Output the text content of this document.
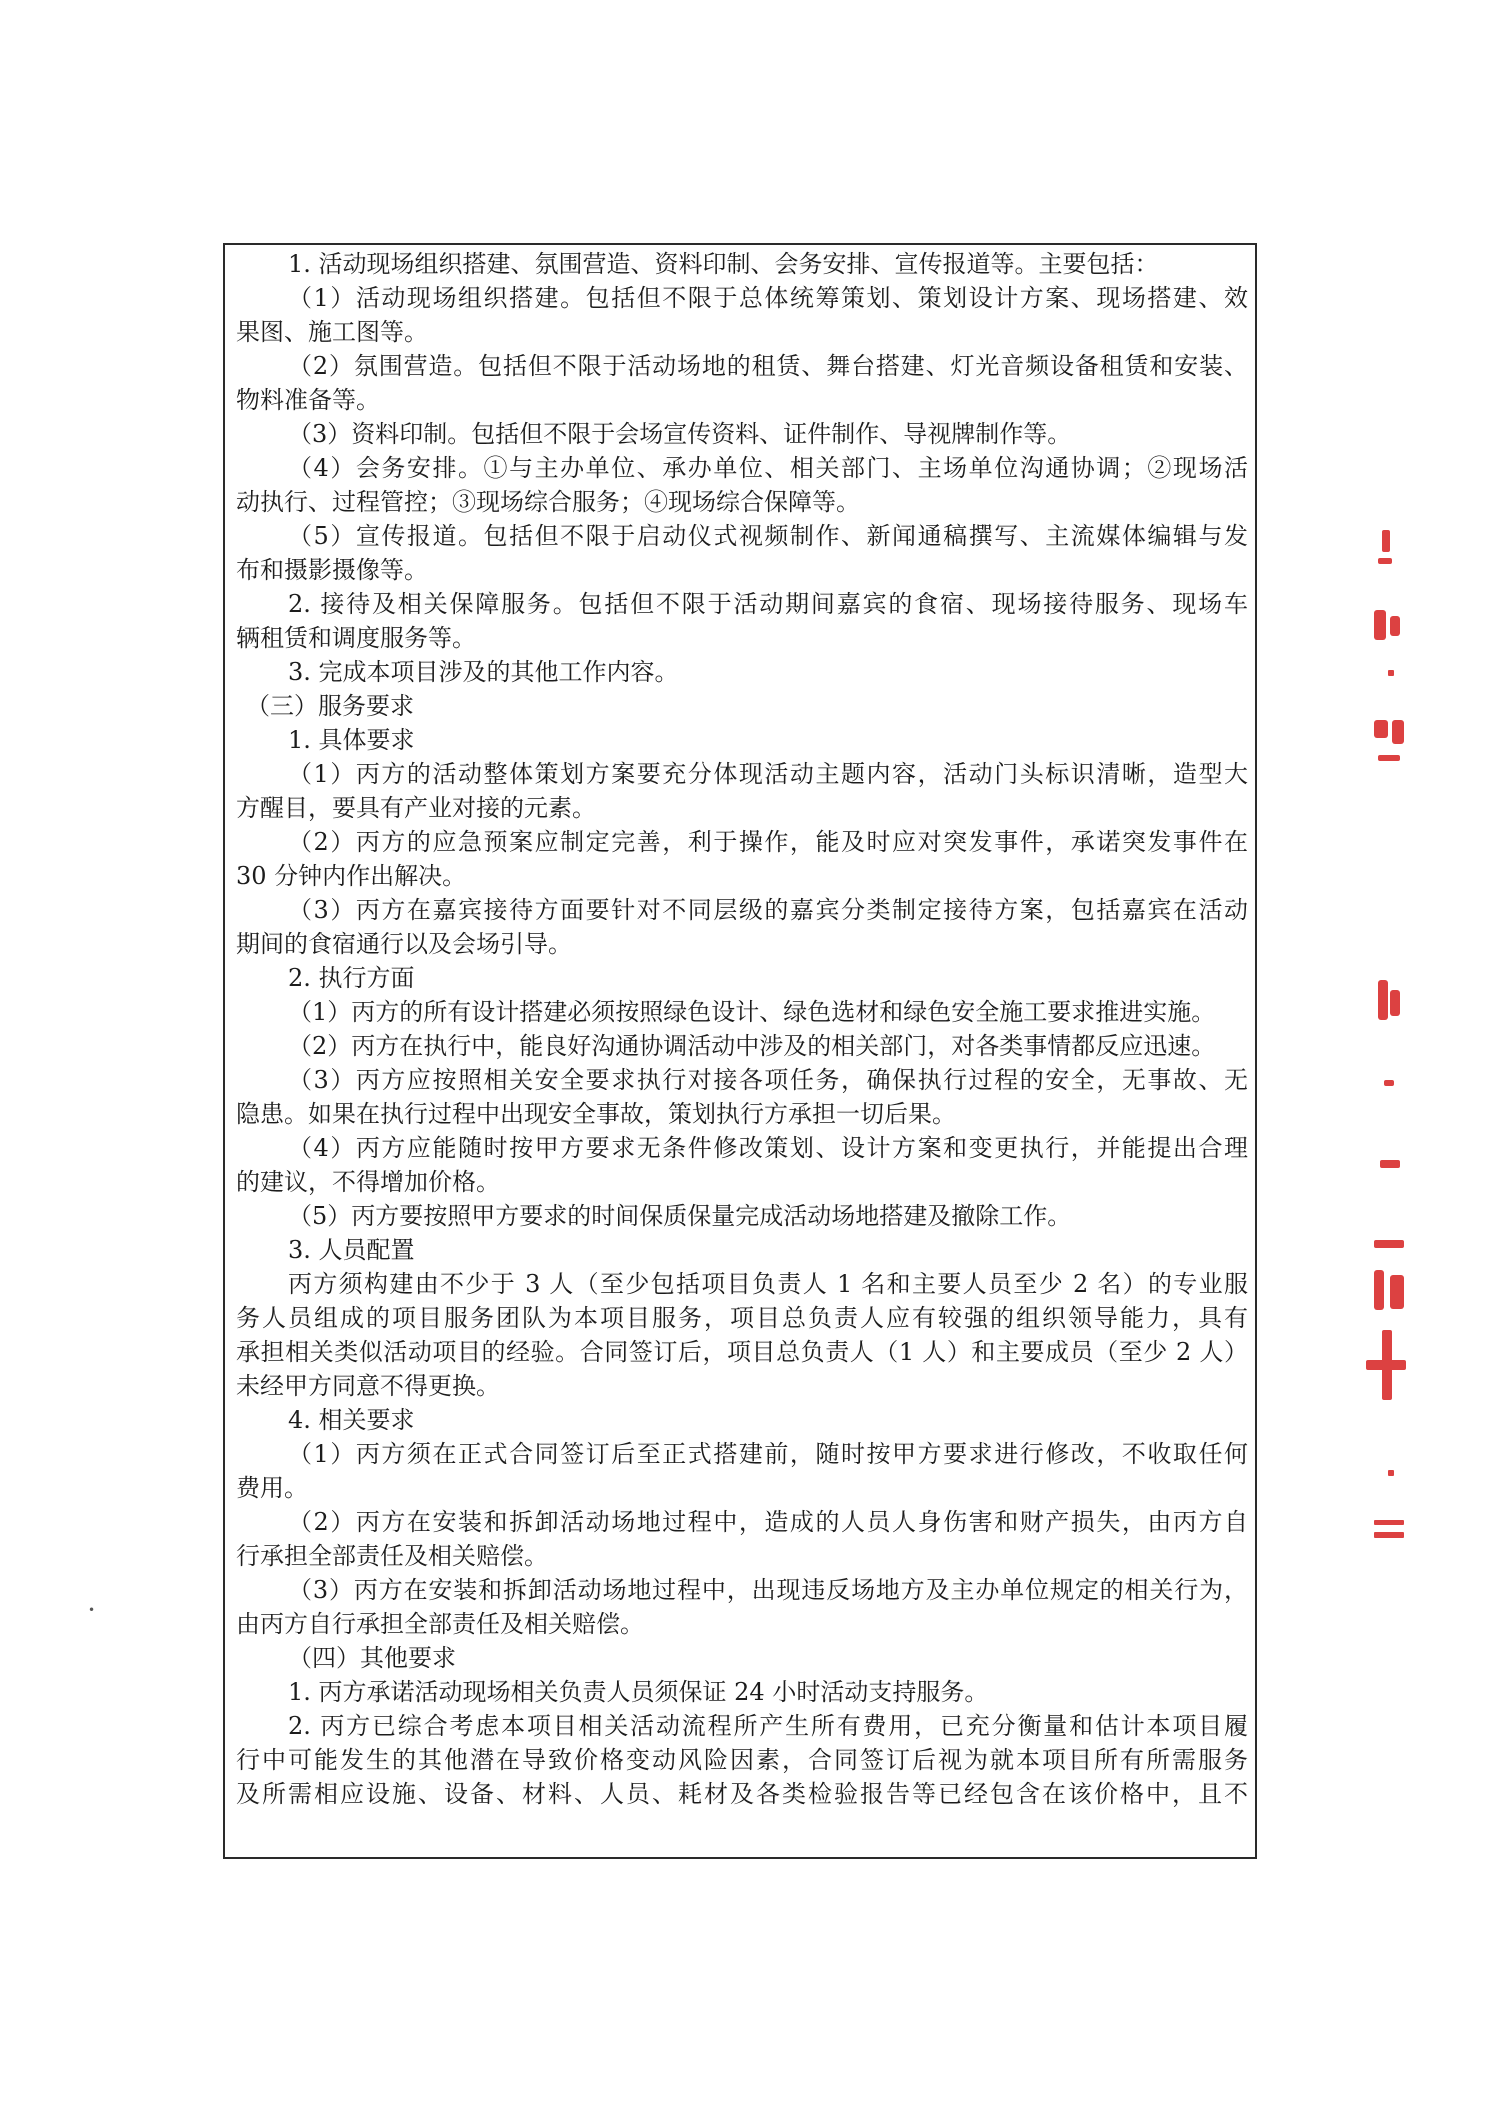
1. 活动现场组织搭建、氛围营造、资料印制、会务安排、宣传报道等。主要包括：
（1）活动现场组织搭建。包括但不限于总体统筹策划、策划设计方案、现场搭建、效
果图、施工图等。
（2）氛围营造。包括但不限于活动场地的租赁、舞台搭建、灯光音频设备租赁和安装、
物料准备等。
（3）资料印制。包括但不限于会场宣传资料、证件制作、导视牌制作等。
（4）会务安排。①与主办单位、承办单位、相关部门、主场单位沟通协调；②现场活
动执行、过程管控；③现场综合服务；④现场综合保障等。
（5）宣传报道。包括但不限于启动仪式视频制作、新闻通稿撰写、主流媒体编辑与发
布和摄影摄像等。
2. 接待及相关保障服务。包括但不限于活动期间嘉宾的食宿、现场接待服务、现场车
辆租赁和调度服务等。
3. 完成本项目涉及的其他工作内容。
（三）服务要求
1. 具体要求
（1）丙方的活动整体策划方案要充分体现活动主题内容，活动门头标识清晰，造型大
方醒目，要具有产业对接的元素。
（2）丙方的应急预案应制定完善，利于操作，能及时应对突发事件，承诺突发事件在
30 分钟内作出解决。
（3）丙方在嘉宾接待方面要针对不同层级的嘉宾分类制定接待方案，包括嘉宾在活动
期间的食宿通行以及会场引导。
2. 执行方面
（1）丙方的所有设计搭建必须按照绿色设计、绿色选材和绿色安全施工要求推进实施。
（2）丙方在执行中，能良好沟通协调活动中涉及的相关部门，对各类事情都反应迅速。
（3）丙方应按照相关安全要求执行对接各项任务，确保执行过程的安全，无事故、无
隐患。如果在执行过程中出现安全事故，策划执行方承担一切后果。
（4）丙方应能随时按甲方要求无条件修改策划、设计方案和变更执行，并能提出合理
的建议，不得增加价格。
（5）丙方要按照甲方要求的时间保质保量完成活动场地搭建及撤除工作。
3. 人员配置
丙方须构建由不少于 3 人（至少包括项目负责人 1 名和主要人员至少 2 名）的专业服
务人员组成的项目服务团队为本项目服务，项目总负责人应有较强的组织领导能力，具有
承担相关类似活动项目的经验。合同签订后，项目总负责人（1 人）和主要成员（至少 2 人）
未经甲方同意不得更换。
4. 相关要求
（1）丙方须在正式合同签订后至正式搭建前，随时按甲方要求进行修改，不收取任何
费用。
（2）丙方在安装和拆卸活动场地过程中，造成的人员人身伤害和财产损失，由丙方自
行承担全部责任及相关赔偿。
（3）丙方在安装和拆卸活动场地过程中，出现违反场地方及主办单位规定的相关行为，
由丙方自行承担全部责任及相关赔偿。
（四）其他要求
1. 丙方承诺活动现场相关负责人员须保证 24 小时活动支持服务。
2. 丙方已综合考虑本项目相关活动流程所产生所有费用，已充分衡量和估计本项目履
行中可能发生的其他潜在导致价格变动风险因素，合同签订后视为就本项目所有所需服务
及所需相应设施、设备、材料、人员、耗材及各类检验报告等已经包含在该价格中，且不
•
